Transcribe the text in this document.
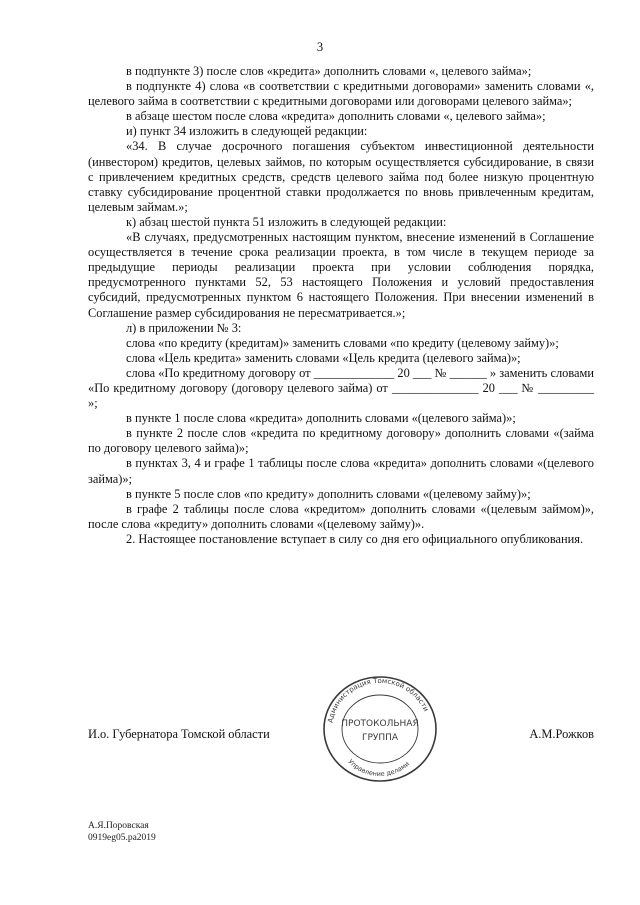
3

в подпункте 3) после слов «кредита» дополнить словами «, целевого займа»;

в подпункте 4) слова «в соответствии с кредитными договорами» заменить словами «, целевого займа в соответствии с кредитными договорами или договорами целевого займа»;

в абзаце шестом после слова «кредита» дополнить словами «, целевого займа»;

и) пункт 34 изложить в следующей редакции:

«34. В случае досрочного погашения субъектом инвестиционной деятельности (инвестором) кредитов, целевых займов, по которым осуществляется субсидирование, в связи с привлечением кредитных средств, средств целевого займа под более низкую процентную ставку субсидирование процентной ставки продолжается по вновь привлеченным кредитам, целевым займам.»;

к) абзац шестой пункта 51 изложить в следующей редакции:

«В случаях, предусмотренных настоящим пунктом, внесение изменений в Соглашение осуществляется в течение срока реализации проекта, в том числе в текущем периоде за предыдущие периоды реализации проекта при условии соблюдения порядка, предусмотренного пунктами 52, 53 настоящего Положения и условий предоставления субсидий, предусмотренных пунктом 6 настоящего Положения. При внесении изменений в Соглашение размер субсидирования не пересматривается.»;

л) в приложении № 3:

слова «по кредиту (кредитам)» заменить словами «по кредиту (целевому займу)»;

слова «Цель кредита» заменить словами «Цель кредита (целевого займа)»;

слова «По кредитному договору от _____________ 20 ___ № ______ » заменить словами «По кредитному договору (договору целевого займа) от ______________ 20 ___ № _________ »;

в пункте 1 после слова «кредита» дополнить словами «(целевого займа)»;

в пункте 2 после слов «кредита по кредитному договору» дополнить словами «(займа по договору целевого займа)»;

в пунктах 3, 4 и графе 1 таблицы после слова «кредита» дополнить словами «(целевого займа)»;

в пункте 5 после слов «по кредиту» дополнить словами «(целевому займу)»;

в графе 2 таблицы после слова «кредитом» дополнить словами «(целевым займом)», после слова «кредиту» дополнить словами «(целевому займу)».

2. Настоящее постановление вступает в силу со дня его официального опубликования.

И.о. Губернатора Томской области	А.М.Рожков
Администрация Томской области
Управление делами
ПРОТОКОЛЬНАЯ
ГРУППА
А.Я.Поровская
0919eg05.pa2019
